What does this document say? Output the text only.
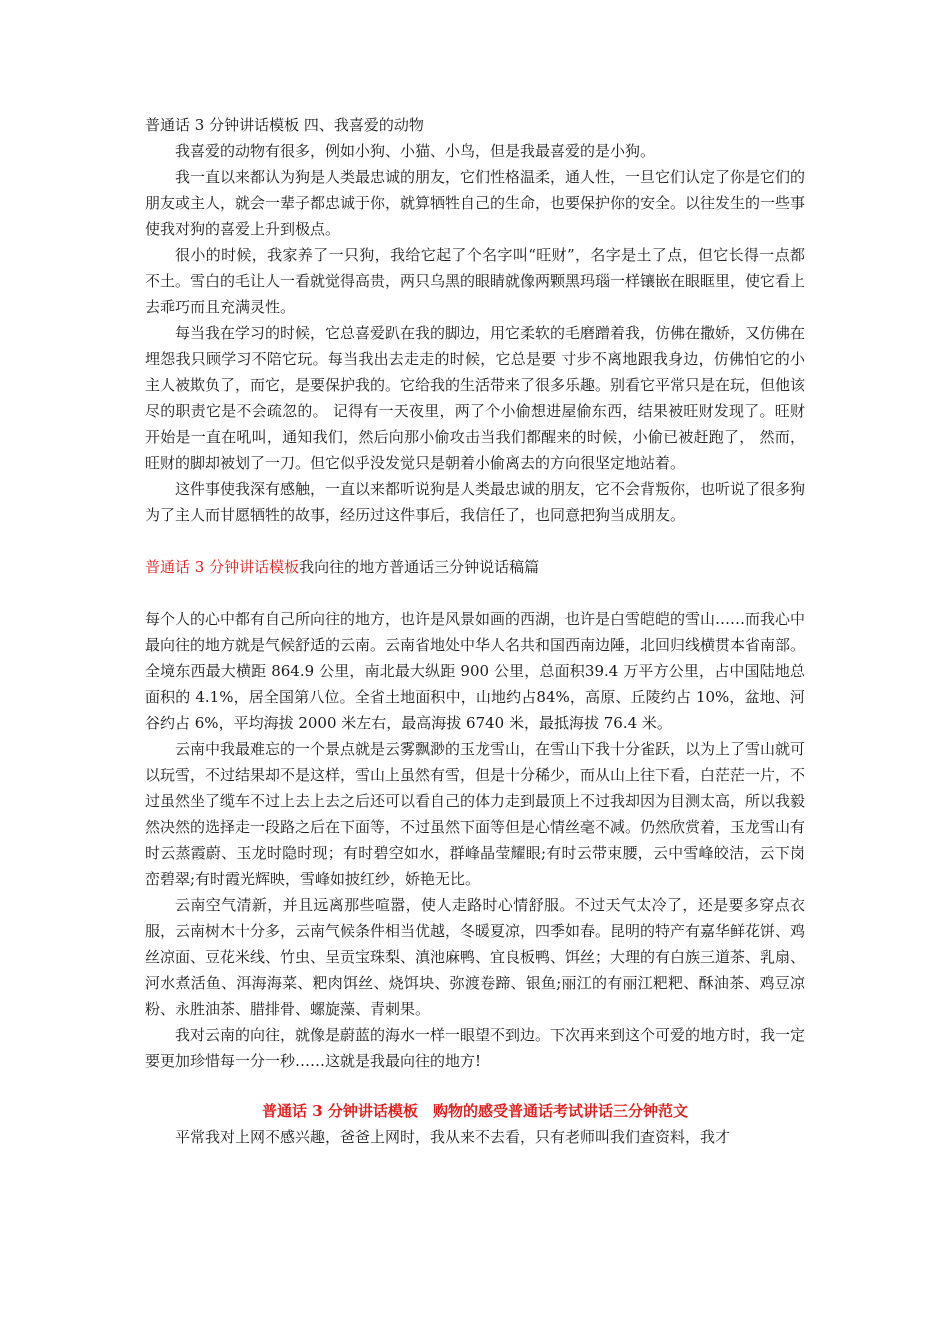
普通话 3 分钟讲话模板 四、我喜爱的动物

我喜爱的动物有很多，例如小狗、小猫、小鸟，但是我最喜爱的是小狗。

我一直以来都认为狗是人类最忠诚的朋友，它们性格温柔，通人性，一旦它们认定了你是它们的朋友或主人，就会一辈子都忠诚于你，就算牺牲自己的生命，也要保护你的安全。以往发生的一些事使我对狗的喜爱上升到极点。

很小的时候，我家养了一只狗，我给它起了个名字叫“旺财”，名字是土了点，但它长得一点都不土。雪白的毛让人一看就觉得高贵，两只乌黑的眼睛就像两颗黑玛瑙一样镶嵌在眼眶里，使它看上去乖巧而且充满灵性。

每当我在学习的时候，它总喜爱趴在我的脚边，用它柔软的毛磨蹭着我，仿佛在撒娇，又仿佛在埋怨我只顾学习不陪它玩。每当我出去走走的时候，它总是要 寸步不离地跟我身边，仿佛怕它的小主人被欺负了，而它，是要保护我的。它给我的生活带来了很多乐趣。别看它平常只是在玩，但他该尽的职责它是不会疏忽的。 记得有一天夜里，两了个小偷想进屋偷东西，结果被旺财发现了。旺财开始是一直在吼叫，通知我们，然后向那小偷攻击当我们都醒来的时候，小偷已被赶跑了， 然而，旺财的脚却被划了一刀。但它似乎没发觉只是朝着小偷离去的方向很坚定地站着。

这件事使我深有感触，一直以来都听说狗是人类最忠诚的朋友，它不会背叛你，也听说了很多狗为了主人而甘愿牺牲的故事，经历过这件事后，我信任了，也同意把狗当成朋友。

普通话 3 分钟讲话模板我向往的地方普通话三分钟说话稿篇

每个人的心中都有自己所向往的地方，也许是风景如画的西湖，也许是白雪皑皑的雪山……而我心中最向往的地方就是气候舒适的云南。云南省地处中华人名共和国西南边陲，北回归线横贯本省南部。全境东西最大横距 864.9 公里，南北最大纵距 900 公里，总面积39.4 万平方公里，占中国陆地总面积的 4.1%，居全国第八位。全省土地面积中，山地约占84%，高原、丘陵约占 10%，盆地、河谷约占 6%，平均海拔 2000 米左右，最高海拔 6740 米，最抵海拔 76.4 米。

云南中我最难忘的一个景点就是云雾飘渺的玉龙雪山，在雪山下我十分雀跃，以为上了雪山就可以玩雪，不过结果却不是这样，雪山上虽然有雪，但是十分稀少，而从山上往下看，白茫茫一片，不过虽然坐了缆车不过上去上去之后还可以看自己的体力走到最顶上不过我却因为目测太高，所以我毅然决然的选择走一段路之后在下面等，不过虽然下面等但是心情丝毫不减。仍然欣赏着，玉龙雪山有时云蒸霞蔚、玉龙时隐时现；有时碧空如水，群峰晶莹耀眼;有时云带束腰，云中雪峰皎洁，云下岗峦碧翠;有时霞光辉映，雪峰如披红纱，娇艳无比。

云南空气清新，并且远离那些喧嚣，使人走路时心情舒服。不过天气太冷了，还是要多穿点衣服，云南树木十分多，云南气候条件相当优越，冬暖夏凉，四季如春。昆明的特产有嘉华鲜花饼、鸡丝凉面、豆花米线、竹虫、呈贡宝珠梨、滇池麻鸭、宜良板鸭、饵丝；大理的有白族三道茶、乳扇、河水煮活鱼、洱海海菜、粑肉饵丝、烧饵块、弥渡卷蹄、银鱼;丽江的有丽江粑粑、酥油茶、鸡豆凉粉、永胜油茶、腊排骨、螺旋藻、青刺果。

我对云南的向往，就像是蔚蓝的海水一样一眼望不到边。下次再来到这个可爱的地方时，我一定要更加珍惜每一分一秒……这就是我最向往的地方!

普通话 3 分钟讲话模板　 购物的感受普通话考试讲话三分钟范文

平常我对上网不感兴趣，爸爸上网时，我从来不去看，只有老师叫我们查资料，我才
